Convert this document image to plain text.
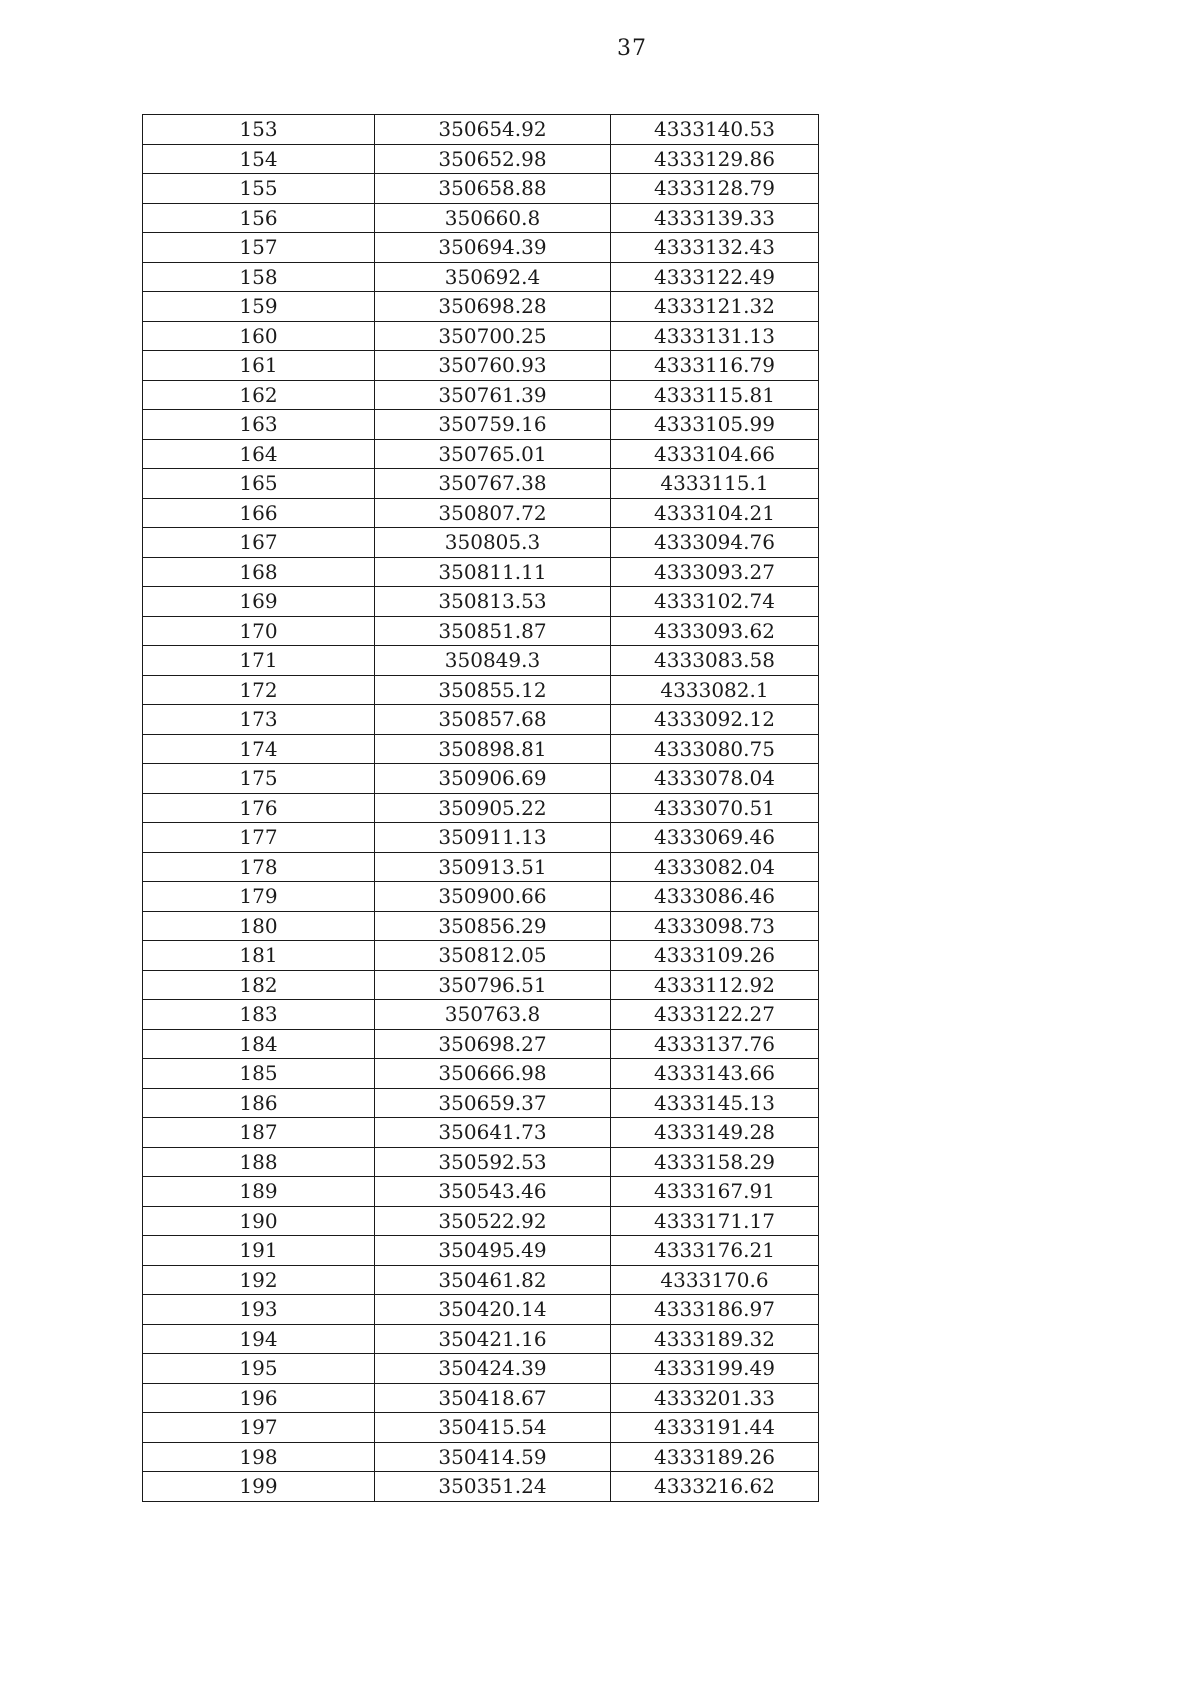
37
153	350654.92	4333140.53
154	350652.98	4333129.86
155	350658.88	4333128.79
156	350660.8	4333139.33
157	350694.39	4333132.43
158	350692.4	4333122.49
159	350698.28	4333121.32
160	350700.25	4333131.13
161	350760.93	4333116.79
162	350761.39	4333115.81
163	350759.16	4333105.99
164	350765.01	4333104.66
165	350767.38	4333115.1
166	350807.72	4333104.21
167	350805.3	4333094.76
168	350811.11	4333093.27
169	350813.53	4333102.74
170	350851.87	4333093.62
171	350849.3	4333083.58
172	350855.12	4333082.1
173	350857.68	4333092.12
174	350898.81	4333080.75
175	350906.69	4333078.04
176	350905.22	4333070.51
177	350911.13	4333069.46
178	350913.51	4333082.04
179	350900.66	4333086.46
180	350856.29	4333098.73
181	350812.05	4333109.26
182	350796.51	4333112.92
183	350763.8	4333122.27
184	350698.27	4333137.76
185	350666.98	4333143.66
186	350659.37	4333145.13
187	350641.73	4333149.28
188	350592.53	4333158.29
189	350543.46	4333167.91
190	350522.92	4333171.17
191	350495.49	4333176.21
192	350461.82	4333170.6
193	350420.14	4333186.97
194	350421.16	4333189.32
195	350424.39	4333199.49
196	350418.67	4333201.33
197	350415.54	4333191.44
198	350414.59	4333189.26
199	350351.24	4333216.62
